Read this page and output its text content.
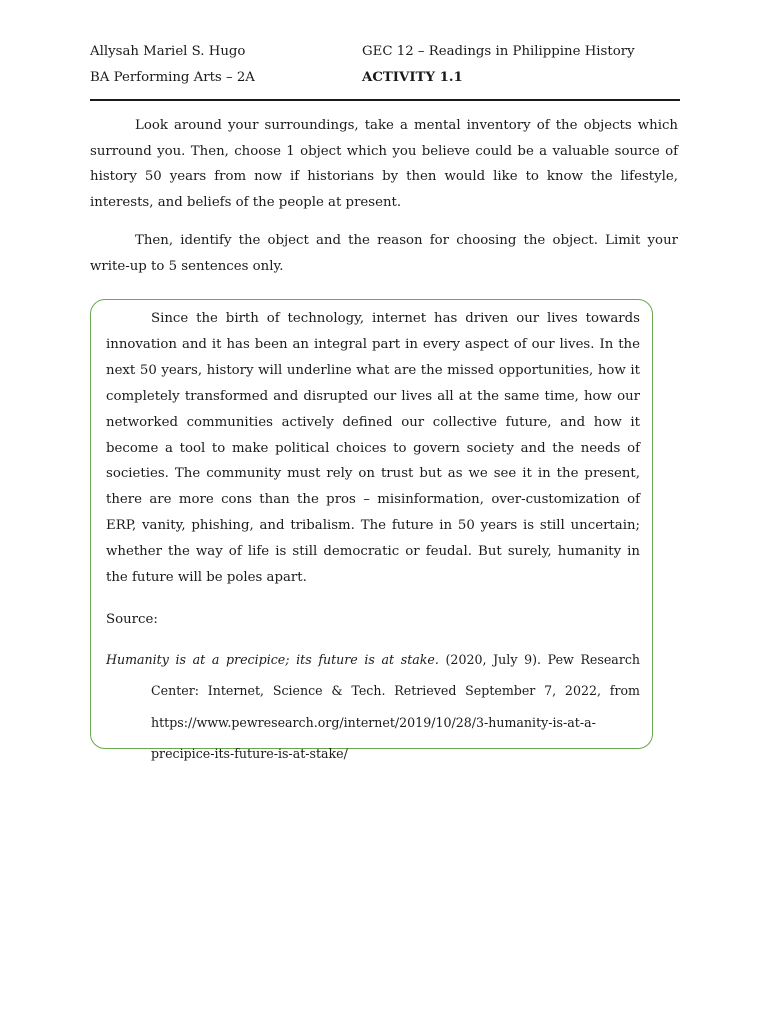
Allysah Mariel S. Hugo	GEC 12 – Readings in Philippine History
BA Performing Arts – 2A	ACTIVITY 1.1

Look around your surroundings, take a mental inventory of the objects which surround you. Then, choose 1 object which you believe could be a valuable source of history 50 years from now if historians by then would like to know the lifestyle, interests, and beliefs of the people at present.

Then, identify the object and the reason for choosing the object. Limit your write-up to 5 sentences only.

Since the birth of technology, internet has driven our lives towards innovation and it has been an integral part in every aspect of our lives. In the next 50 years, history will underline what are the missed opportunities, how it completely transformed and disrupted our lives all at the same time, how our networked communities actively defined our collective future, and how it become a tool to make political choices to govern society and the needs of societies. The community must rely on trust but as we see it in the present, there are more cons than the pros – misinformation, over-customization of ERP, vanity, phishing, and tribalism. The future in 50 years is still uncertain; whether the way of life is still democratic or feudal. But surely, humanity in the future will be poles apart.

Source:

Humanity is at a precipice; its future is at stake. (2020, July 9). Pew Research Center: Internet, Science & Tech. Retrieved September 7, 2022, from https://www.pewresearch.org/internet/2019/10/28/3-humanity-is-at-a-precipice-its-future-is-at-stake/
